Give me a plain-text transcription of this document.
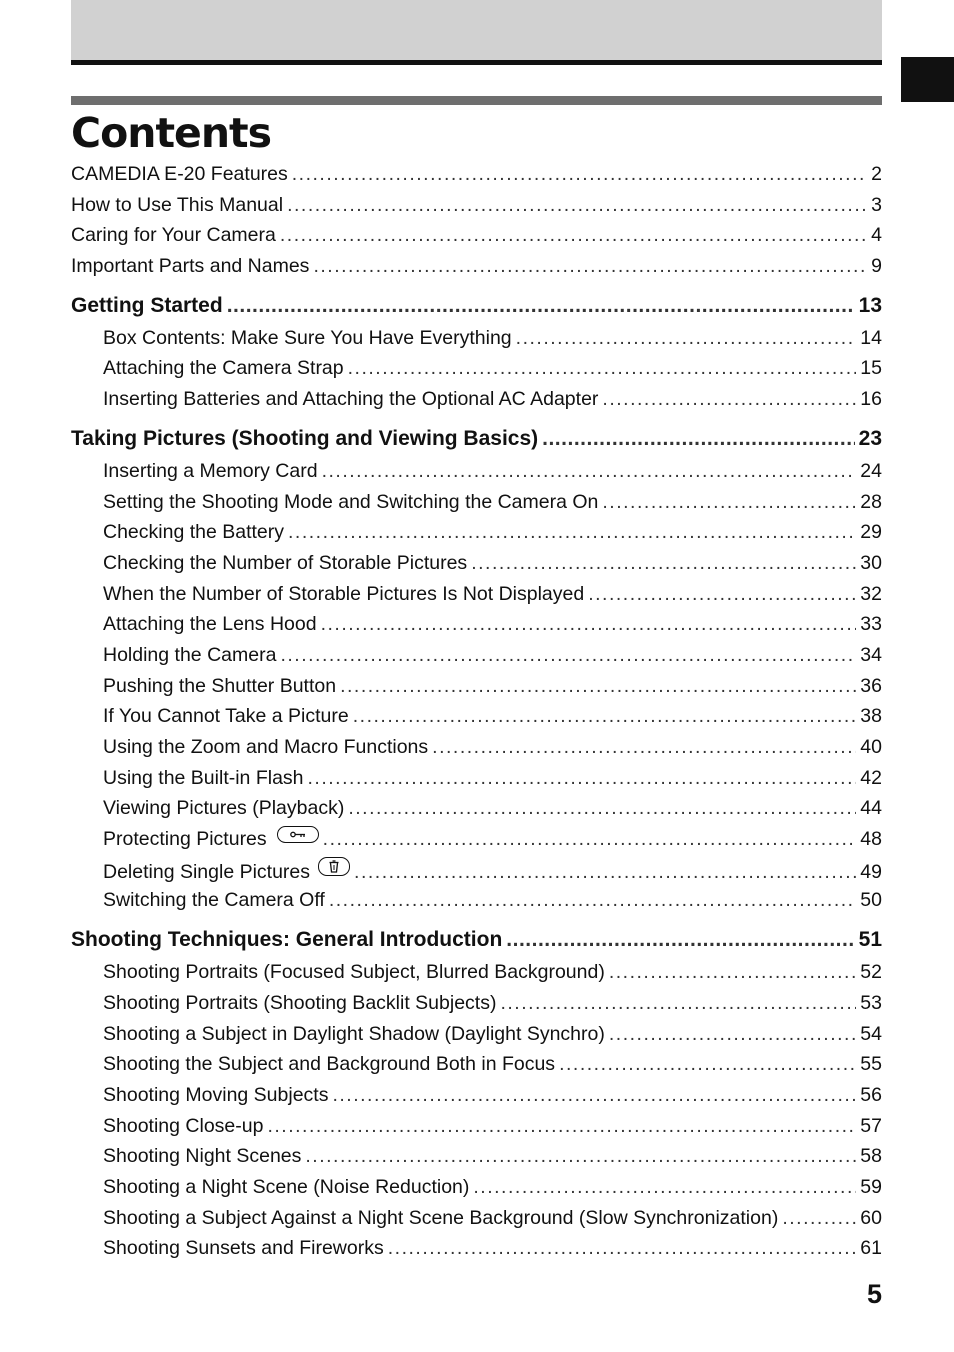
Contents
CAMEDIA E-20 Features .....	2
How to Use This Manual .....	3
Caring for Your Camera .....	4
Important Parts and Names .....	9
Getting Started .....	13
Box Contents: Make Sure You Have Everything .....	14
Attaching the Camera Strap .....	15
Inserting Batteries and Attaching the Optional AC Adapter .....	16
Taking Pictures (Shooting and Viewing Basics) .....	23
Inserting a Memory Card .....	24
Setting the Shooting Mode and Switching the Camera On .....	28
Checking the Battery .....	29
Checking the Number of Storable Pictures .....	30
When the Number of Storable Pictures Is Not Displayed .....	32
Attaching the Lens Hood .....	33
Holding the Camera .....	34
Pushing the Shutter Button .....	36
If You Cannot Take a Picture .....	38
Using the Zoom and Macro Functions .....	40
Using the Built-in Flash .....	42
Viewing Pictures (Playback) .....	44
Protecting Pictures .....	48
Deleting Single Pictures .....	49
Switching the Camera Off .....	50
Shooting Techniques: General Introduction .....	51
Shooting Portraits (Focused Subject, Blurred Background) .....	52
Shooting Portraits (Shooting Backlit Subjects) .....	53
Shooting a Subject in Daylight Shadow (Daylight Synchro) .....	54
Shooting the Subject and Background Both in Focus .....	55
Shooting Moving Subjects .....	56
Shooting Close-up .....	57
Shooting Night Scenes .....	58
Shooting a Night Scene (Noise Reduction) .....	59
Shooting a Subject Against a Night Scene Background (Slow Synchronization) .....	60
Shooting Sunsets and Fireworks .....	61
5
